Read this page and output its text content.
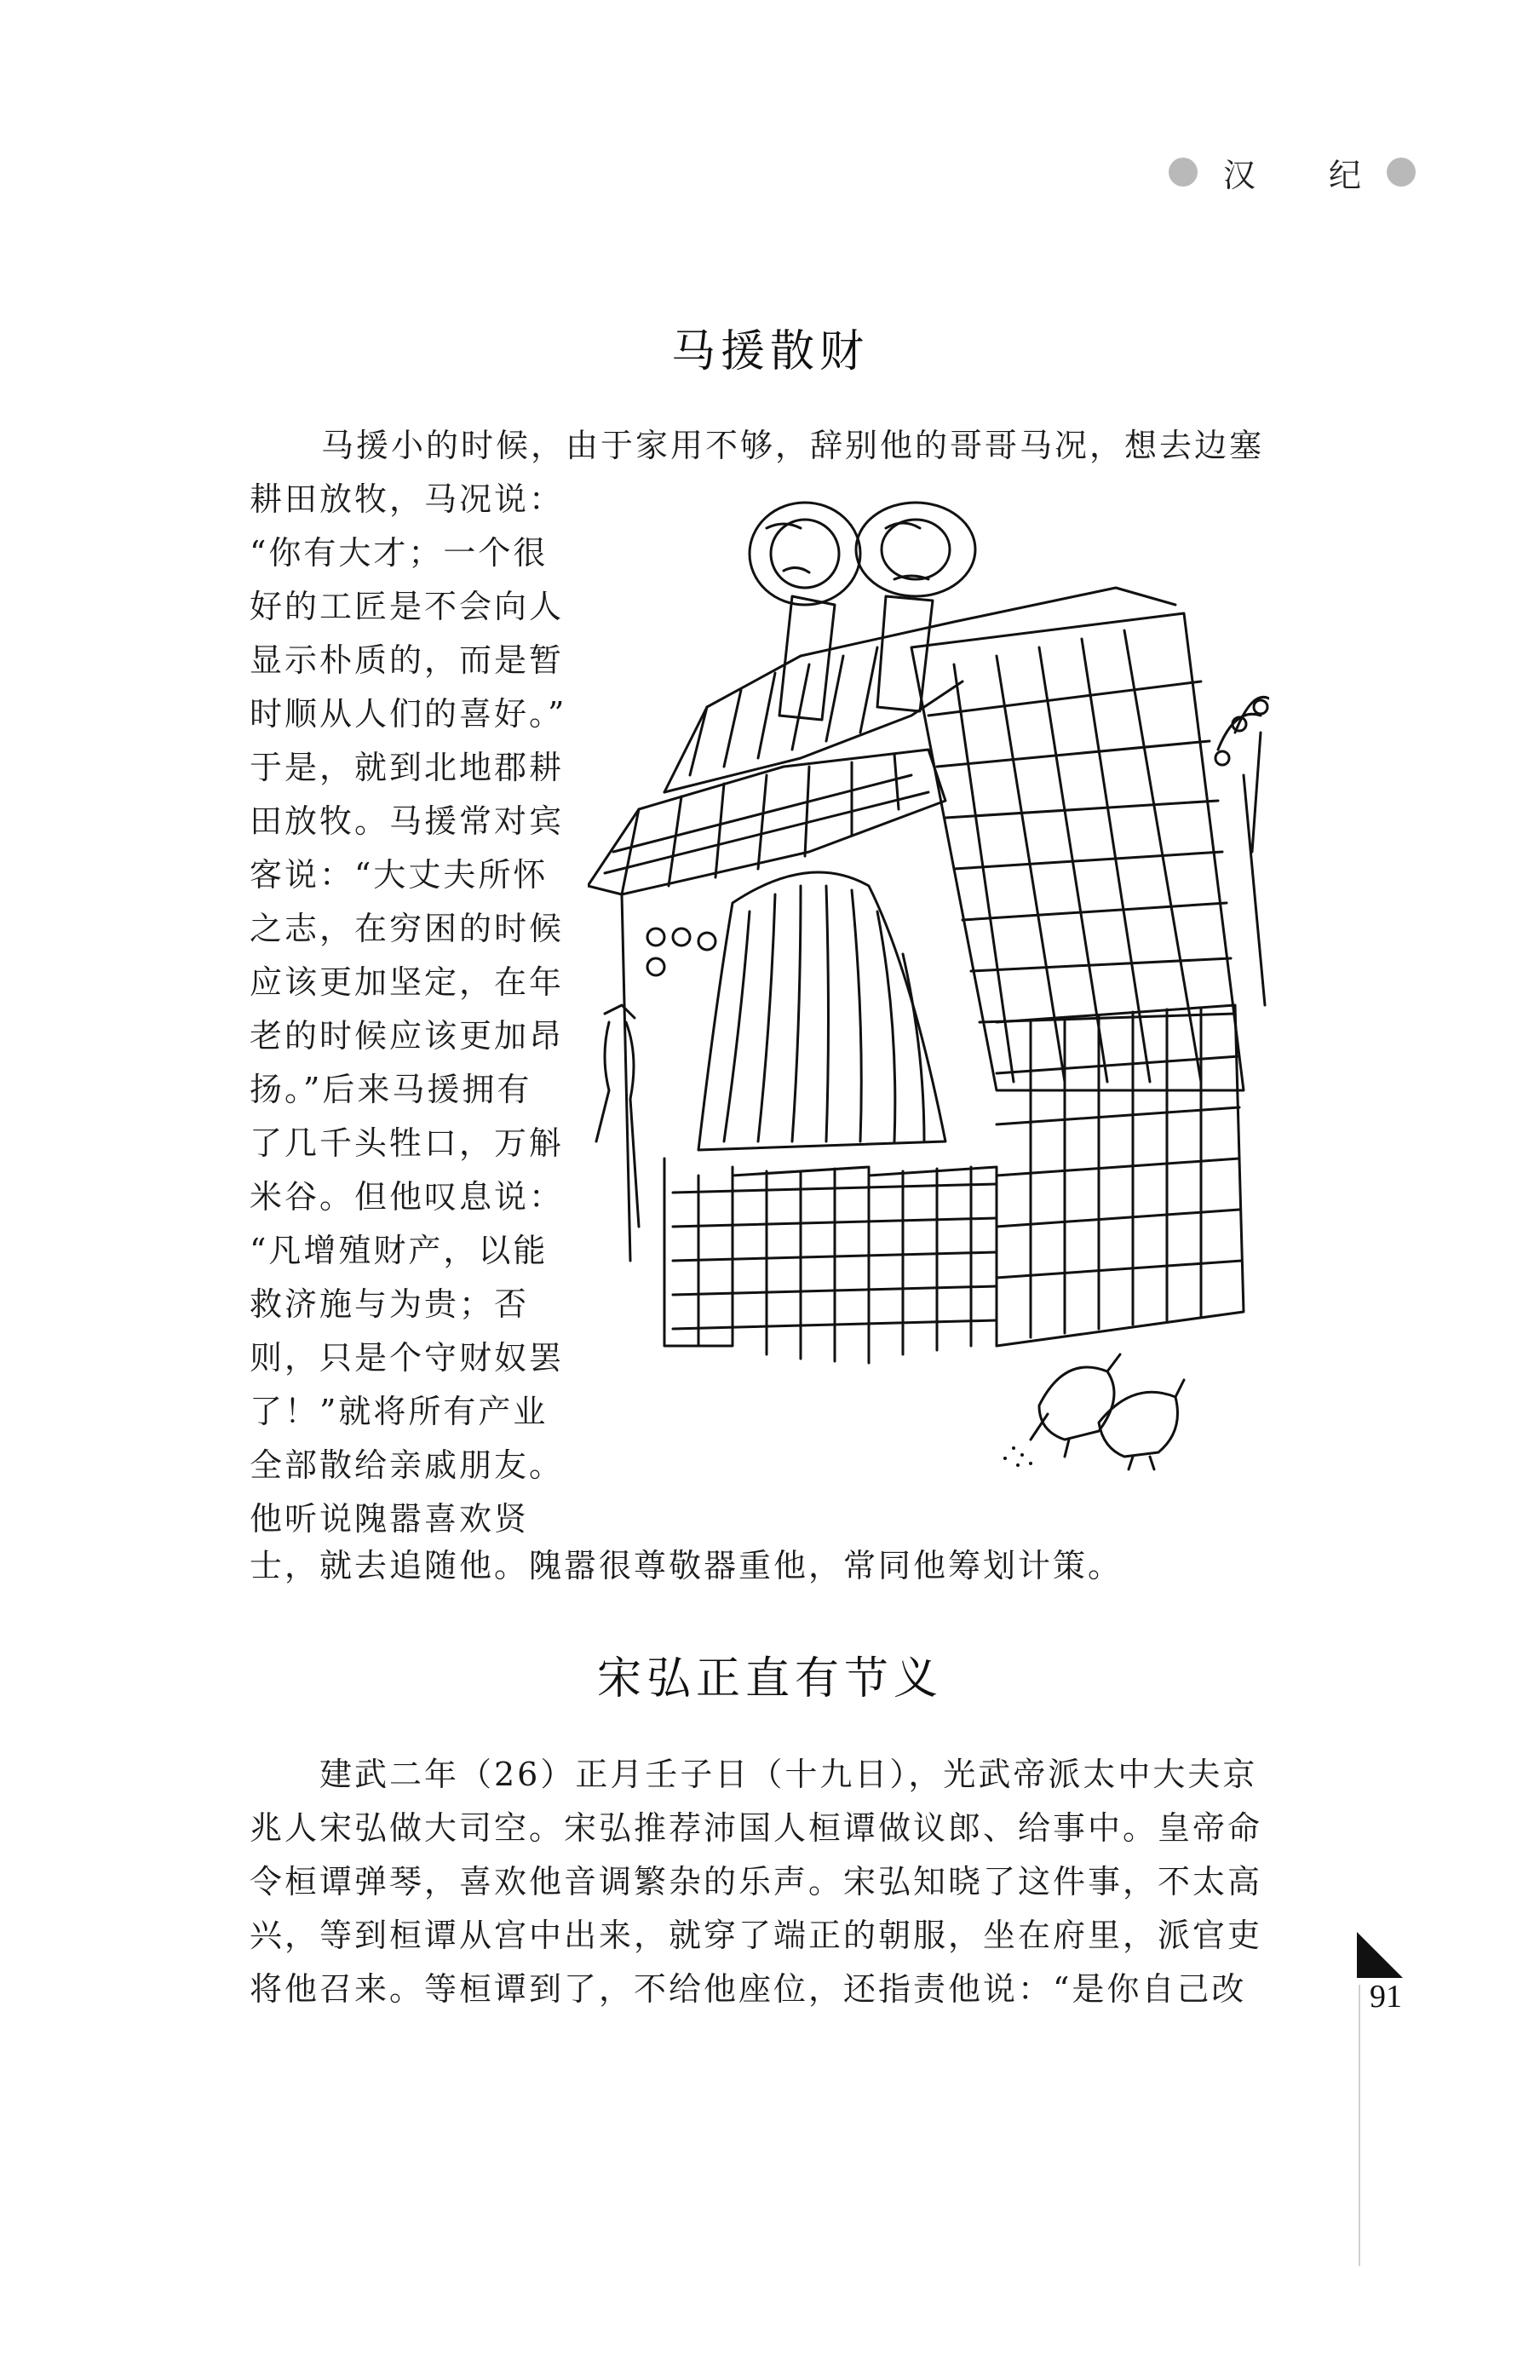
汉 纪
马援散财
马援小的时候，由于家用不够，辞别他的哥哥马况，想去边塞
耕田放牧，马况说：
“你有大才；一个很
好的工匠是不会向人
显示朴质的，而是暂
时顺从人们的喜好。”
于是，就到北地郡耕
田放牧。马援常对宾
客说：“大丈夫所怀
之志，在穷困的时候
应该更加坚定，在年
老的时候应该更加昂
扬。”后来马援拥有
了几千头牲口，万斛
米谷。但他叹息说：
“凡增殖财产，以能
救济施与为贵；否
则，只是个守财奴罢
了！”就将所有产业
全部散给亲戚朋友。
他听说隗嚣喜欢贤
士，就去追随他。隗嚣很尊敬器重他，常同他筹划计策。
宋弘正直有节义
　　建武二年（26）正月壬子日（十九日），光武帝派太中大夫京
兆人宋弘做大司空。宋弘推荐沛国人桓谭做议郎、给事中。皇帝命
令桓谭弹琴，喜欢他音调繁杂的乐声。宋弘知晓了这件事，不太高
兴，等到桓谭从宫中出来，就穿了端正的朝服，坐在府里，派官吏
将他召来。等桓谭到了，不给他座位，还指责他说：“是你自己改	91
